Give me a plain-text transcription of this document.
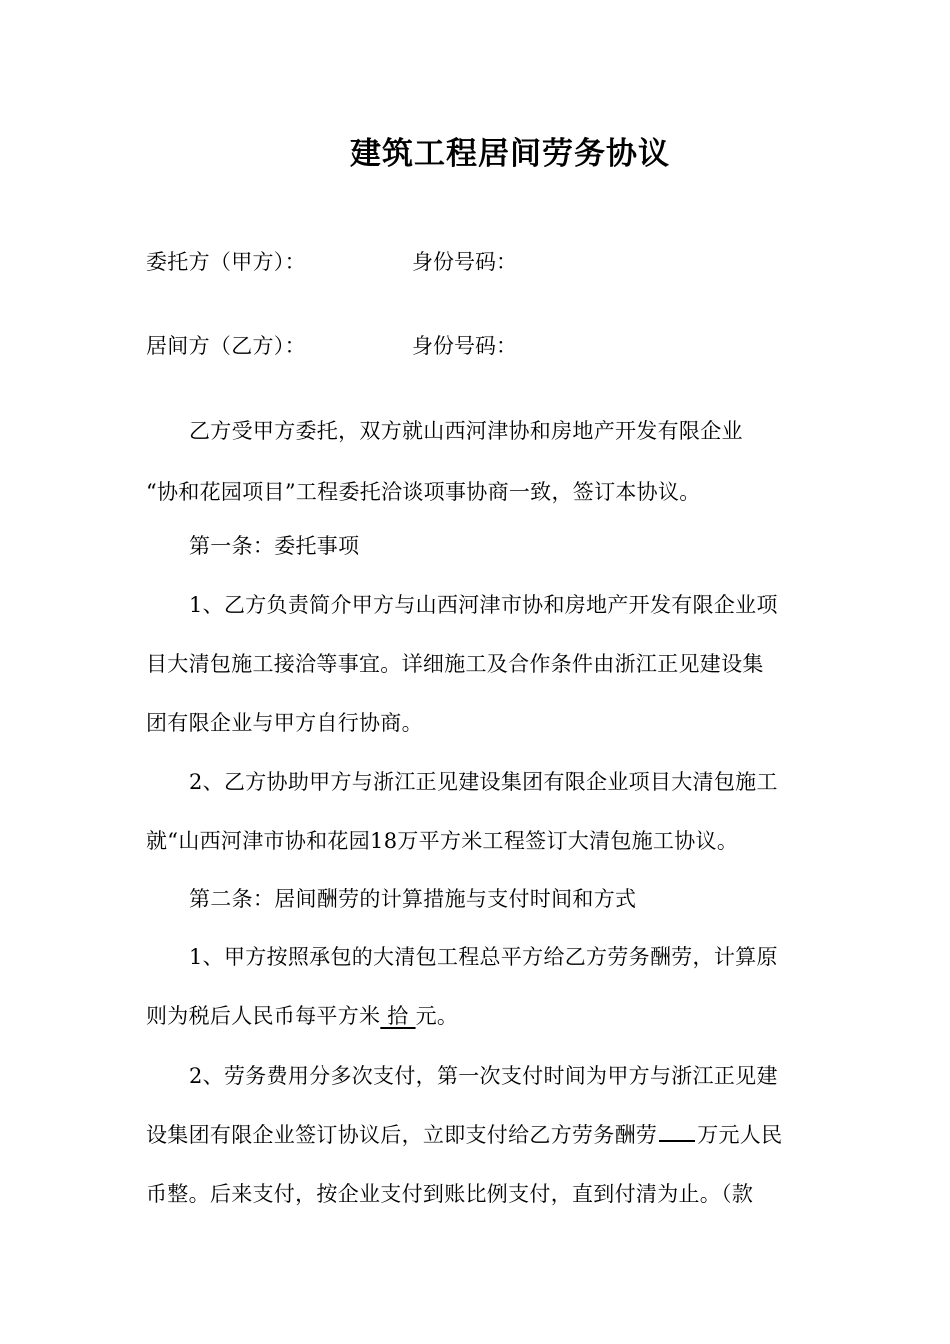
建筑工程居间劳务协议
委托方（甲方）：	身份号码：
居间方（乙方）：	身份号码：
乙方受甲方委托，双方就山西河津协和房地产开发有限企业
“协和花园项目”工程委托洽谈项事协商一致，签订本协议。
第一条：委托事项
1、乙方负责简介甲方与山西河津市协和房地产开发有限企业项
目大清包施工接洽等事宜。详细施工及合作条件由浙江正见建设集
团有限企业与甲方自行协商。
2、乙方协助甲方与浙江正见建设集团有限企业项目大清包施工
就“山西河津市协和花园18万平方米工程签订大清包施工协议。
第二条：居间酬劳的计算措施与支付时间和方式
1、甲方按照承包的大清包工程总平方给乙方劳务酬劳，计算原
则为税后人民币每平方米 拾 元。
2、劳务费用分多次支付，第一次支付时间为甲方与浙江正见建
设集团有限企业签订协议后，立即支付给乙方劳务酬劳 万元人民
币整。后来支付，按企业支付到账比例支付，直到付清为止。（款
